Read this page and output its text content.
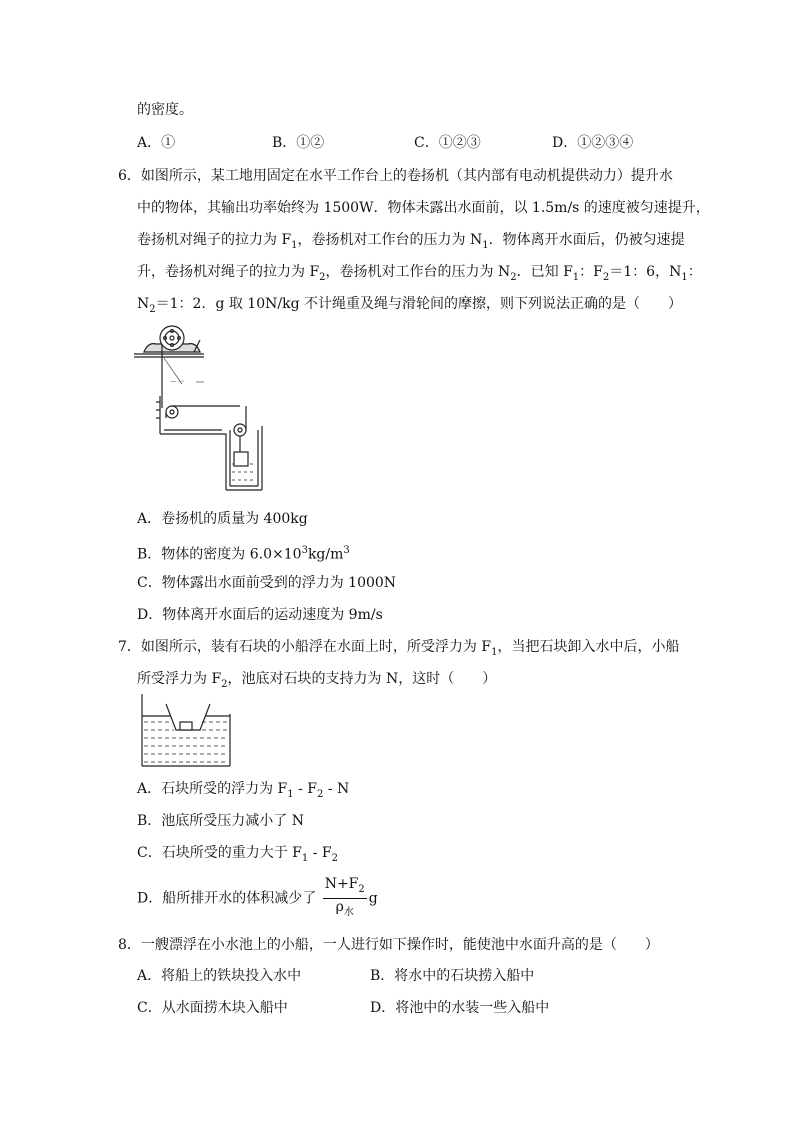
的密度。
A．①	B．①②	C．①②③	D．①②③④
6．如图所示，某工地用固定在水平工作台上的卷扬机（其内部有电动机提供动力）提升水
中的物体，其输出功率始终为 1500W．物体未露出水面前，以 1.5m/s 的速度被匀速提升，
卷扬机对绳子的拉力为 $F_1$，卷扬机对工作台的压力为 $N_1$．物体离开水面后，仍被匀速提
升，卷扬机对绳子的拉力为 $F_2$，卷扬机对工作台的压力为 $N_2$．已知 $F_1$：$F_2=1$：6，$N_1$：
$N_2=1$：2．g 取 10N/kg 不计绳重及绳与滑轮间的摩擦，则下列说法正确的是（　　）
ー一
A．卷扬机的质量为 400kg
B．物体的密度为 $6.0\times 10^3kg/m^3$
C．物体露出水面前受到的浮力为 1000N
D．物体离开水面后的运动速度为 9m/s
7．如图所示，装有石块的小船浮在水面上时，所受浮力为 $F_1$，当把石块卸入水中后，小船
所受浮力为 $F_2$，池底对石块的支持力为 N，这时（　　）
A．石块所受的浮力为 $F_1 - F_2$ - N
B．池底所受压力减小了 N
C．石块所受的重力大于 $F_1 - F_2$
D．船所排开水的体积减少了 $\frac{N+F_2}{\rho_水}$ g
8．一艘漂浮在小水池上的小船，一人进行如下操作时，能使池中水面升高的是（　　）
A．将船上的铁块投入水中	B．将水中的石块捞入船中
C．从水面捞木块入船中	D．将池中的水装一些入船中
